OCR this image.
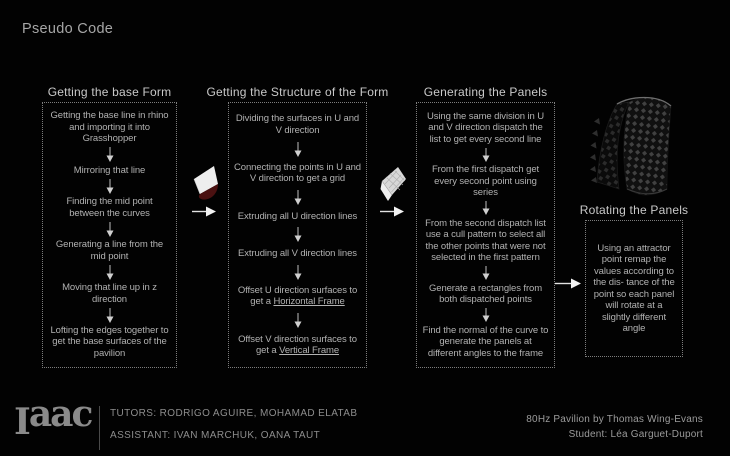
Pseudo Code
Getting the base Form

Getting the base line in rhino and importing it into Grasshopper

Mirroring that line

Finding the mid point between the curves

Generating a line from the mid point

Moving that line up in z direction

Lofting the edges together to get the base surfaces of the pavilion

Getting the Structure of the Form

Dividing the surfaces in U and V direction

Connecting the points in U and V direction to get a grid

Extruding all U direction lines

Extruding all V direction lines

Offset U direction surfaces to get a Horizontal Frame

Offset V direction surfaces to get a Vertical Frame

Generating the Panels

Using the same division in U and V direction dispatch the list to get every second line

From the first dispatch get every second point using series

From the second dispatch list use a cull pattern to select all the other points that were not selected in the first pattern

Generate a rectangles from both dispatched points

Find the normal of the curve to generate the panels at different angles to the frame

Rotating the Panels

Using an attractor point remap the values according to the dis- tance of the point so each panel will rotate at a slightly different angle

Iaac TUTORS: RODRIGO AGUIRE, MOHAMAD ELATAB
ASSISTANT: IVAN MARCHUK, OANA TAUT
80Hz Pavilion by Thomas Wing-Evans
Student: Léa Garguet-Duport
